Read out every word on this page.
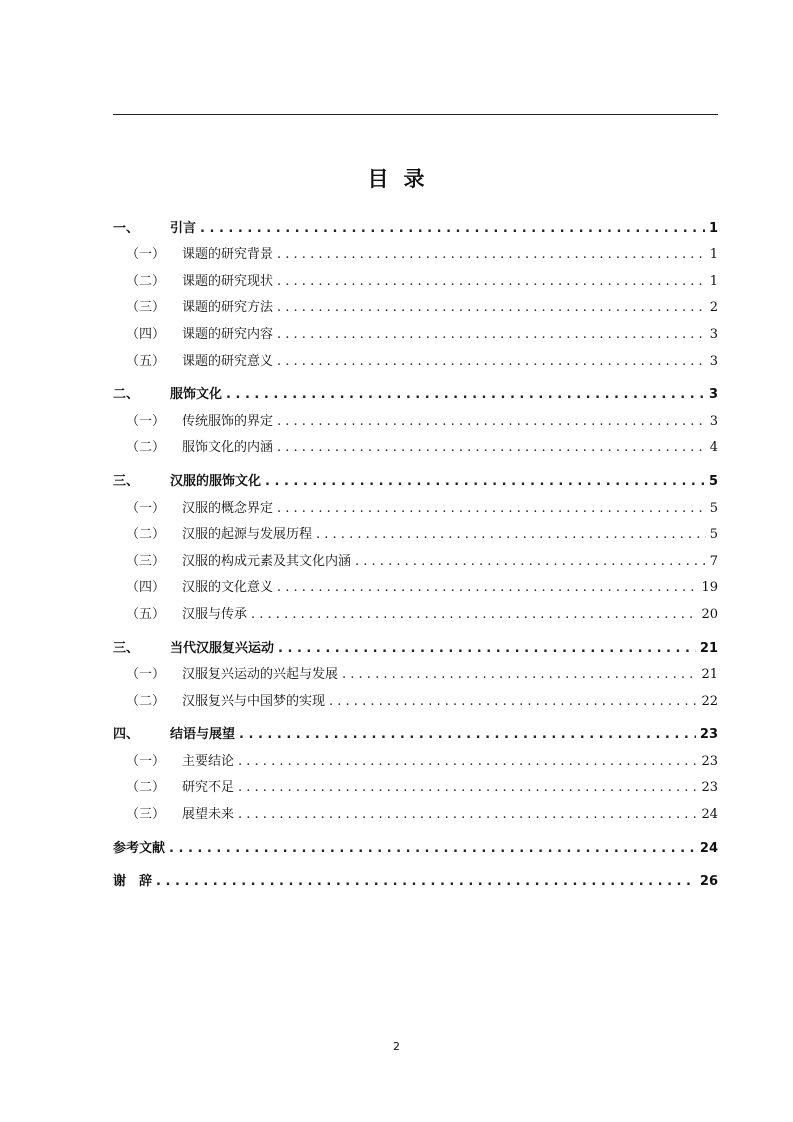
目 录
一、	引言 . . .	1
（一）	课题的研究背景 . . .	1
（二）	课题的研究现状 . . .	1
（三）	课题的研究方法 . . .	2
（四）	课题的研究内容 . . .	3
（五）	课题的研究意义 . . .	3
二、	服饰文化 . . .	3
（一）	传统服饰的界定 . . .	3
（二）	服饰文化的内涵 . . .	4
三、	汉服的服饰文化 . . .	5
（一）	汉服的概念界定 . . .	5
（二）	汉服的起源与发展历程 . . .	5
（三）	汉服的构成元素及其文化内涵 . . .	7
（四）	汉服的文化意义 . . .	19
（五）	汉服与传承 . . .	20
三、	当代汉服复兴运动 . . .	21
（一）	汉服复兴运动的兴起与发展 . . .	21
（二）	汉服复兴与中国梦的实现 . . .	22
四、	结语与展望 . . .	23
（一）	主要结论 . . .	23
（二）	研究不足 . . .	23
（三）	展望未来 . . .	24
参考文献 . . .	24
谢　辞 . . .	26
2
